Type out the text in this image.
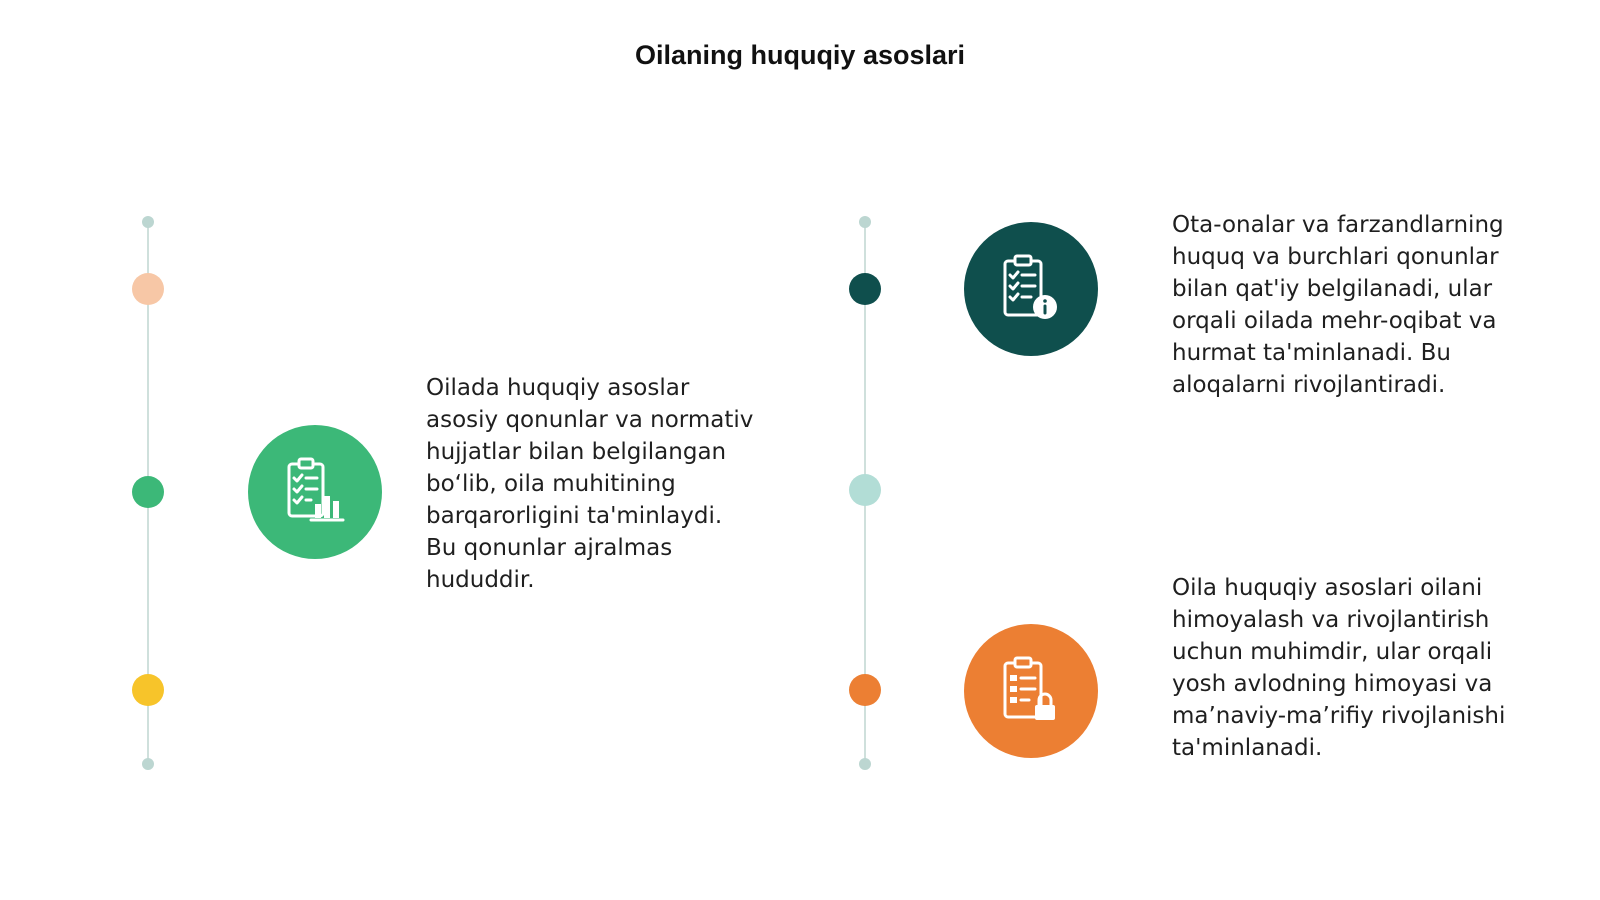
Oilaning huquqiy asoslari
Oilada huquqiy asoslar asosiy qonunlar va normativ hujjatlar bilan belgilangan bo‘lib, oila muhitining barqarorligini ta'minlaydi. Bu qonunlar ajralmas hududdir.
Ota-onalar va farzandlarning huquq va burchlari qonunlar bilan qat'iy belgilanadi, ular orqali oilada mehr-oqibat va hurmat ta'minlanadi. Bu aloqalarni rivojlantiradi.
Oila huquqiy asoslari oilani himoyalash va rivojlantirish uchun muhimdir, ular orqali yosh avlodning himoyasi va ma’naviy-ma’rifiy rivojlanishi ta'minlanadi.
